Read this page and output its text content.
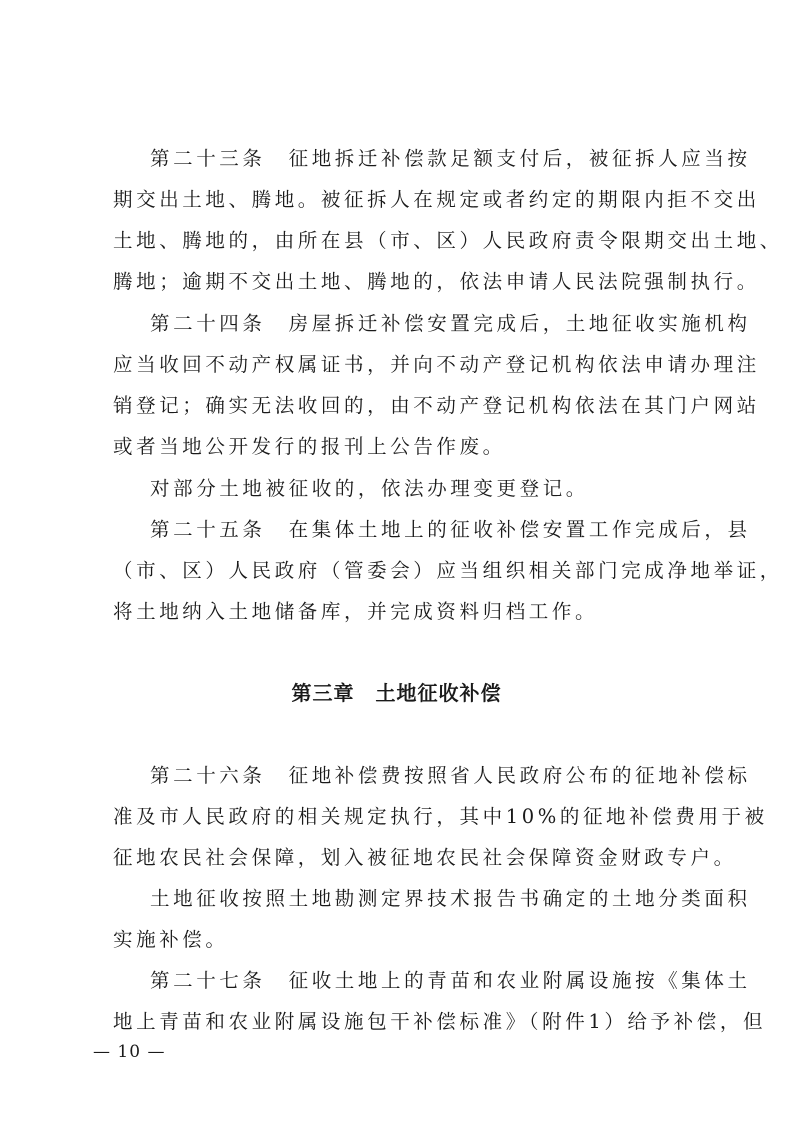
第二十三条　征地拆迁补偿款足额支付后，被征拆人应当按
期交出土地、腾地。被征拆人在规定或者约定的期限内拒不交出
土地、腾地的，由所在县（市、区）人民政府责令限期交出土地、
腾地；逾期不交出土地、腾地的，依法申请人民法院强制执行。
第二十四条　房屋拆迁补偿安置完成后，土地征收实施机构
应当收回不动产权属证书，并向不动产登记机构依法申请办理注
销登记；确实无法收回的，由不动产登记机构依法在其门户网站
或者当地公开发行的报刊上公告作废。
对部分土地被征收的，依法办理变更登记。
第二十五条　在集体土地上的征收补偿安置工作完成后，县
（市、区）人民政府（管委会）应当组织相关部门完成净地举证，
将土地纳入土地储备库，并完成资料归档工作。
第三章　土地征收补偿
第二十六条　征地补偿费按照省人民政府公布的征地补偿标
准及市人民政府的相关规定执行，其中10%的征地补偿费用于被
征地农民社会保障，划入被征地农民社会保障资金财政专户。
土地征收按照土地勘测定界技术报告书确定的土地分类面积
实施补偿。
第二十七条　征收土地上的青苗和农业附属设施按《集体土
地上青苗和农业附属设施包干补偿标准》（附件1）给予补偿，但
— 10 —
